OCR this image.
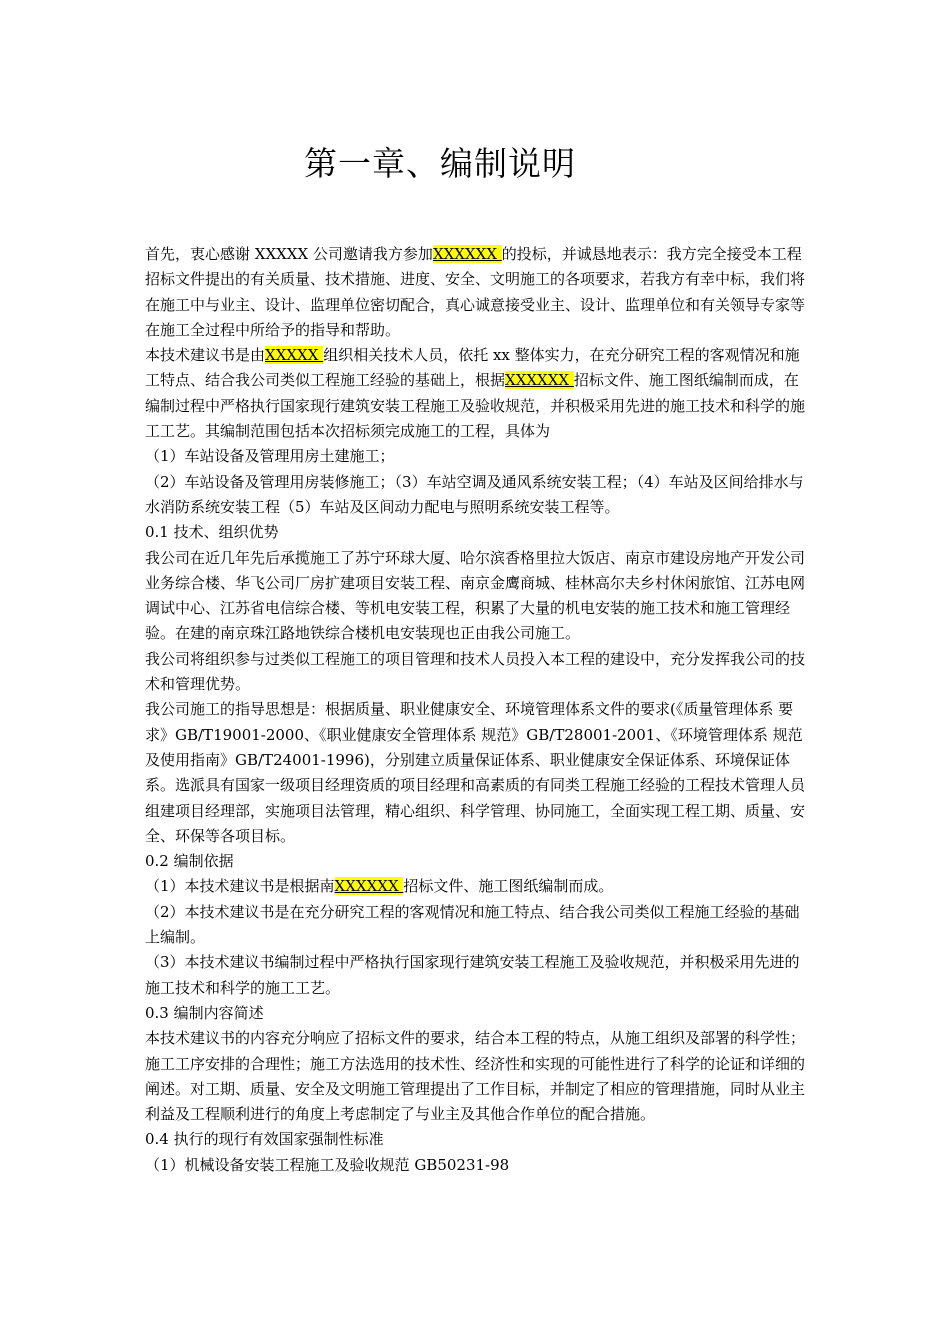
第一章、编制说明

首先，衷心感谢 XXXXX 公司邀请我方参加XXXXXX 的投标，并诚恳地表示：我方完全接受本工程招标文件提出的有关质量、技术措施、进度、安全、文明施工的各项要求，若我方有幸中标，我们将在施工中与业主、设计、监理单位密切配合，真心诚意接受业主、设计、监理单位和有关领导专家等在施工全过程中所给予的指导和帮助。

本技术建议书是由XXXXX 组织相关技术人员，依托 xx 整体实力，在充分研究工程的客观情况和施工特点、结合我公司类似工程施工经验的基础上，根据XXXXXX 招标文件、施工图纸编制而成，在编制过程中严格执行国家现行建筑安装工程施工及验收规范，并积极采用先进的施工技术和科学的施工工艺。其编制范围包括本次招标须完成施工的工程，具体为

（1）车站设备及管理用房土建施工；

（2）车站设备及管理用房装修施工；（3）车站空调及通风系统安装工程；（4）车站及区间给排水与水消防系统安装工程（5）车站及区间动力配电与照明系统安装工程等。

0.1 技术、组织优势

我公司在近几年先后承揽施工了苏宁环球大厦、哈尔滨香格里拉大饭店、南京市建设房地产开发公司业务综合楼、华飞公司厂房扩建项目安装工程、南京金鹰商城、桂林高尔夫乡村休闲旅馆、江苏电网调试中心、江苏省电信综合楼、等机电安装工程，积累了大量的机电安装的施工技术和施工管理经验。在建的南京珠江路地铁综合楼机电安装现也正由我公司施工。

我公司将组织参与过类似工程施工的项目管理和技术人员投入本工程的建设中，充分发挥我公司的技术和管理优势。

我公司施工的指导思想是：根据质量、职业健康安全、环境管理体系文件的要求(《质量管理体系 要求》GB/T19001-2000、《职业健康安全管理体系 规范》GB/T28001-2001、《环境管理体系 规范及使用指南》GB/T24001-1996)，分别建立质量保证体系、职业健康安全保证体系、环境保证体系。选派具有国家一级项目经理资质的项目经理和高素质的有同类工程施工经验的工程技术管理人员组建项目经理部，实施项目法管理，精心组织、科学管理、协同施工，全面实现工程工期、质量、安全、环保等各项目标。

0.2 编制依据

（1）本技术建议书是根据南XXXXXX 招标文件、施工图纸编制而成。

（2）本技术建议书是在充分研究工程的客观情况和施工特点、结合我公司类似工程施工经验的基础上编制。

（3）本技术建议书编制过程中严格执行国家现行建筑安装工程施工及验收规范，并积极采用先进的施工技术和科学的施工工艺。

0.3 编制内容简述

本技术建议书的内容充分响应了招标文件的要求，结合本工程的特点，从施工组织及部署的科学性；施工工序安排的合理性；施工方法选用的技术性、经济性和实现的可能性进行了科学的论证和详细的阐述。对工期、质量、安全及文明施工管理提出了工作目标，并制定了相应的管理措施，同时从业主利益及工程顺利进行的角度上考虑制定了与业主及其他合作单位的配合措施。

0.4 执行的现行有效国家强制性标准

（1）机械设备安装工程施工及验收规范 GB50231-98
